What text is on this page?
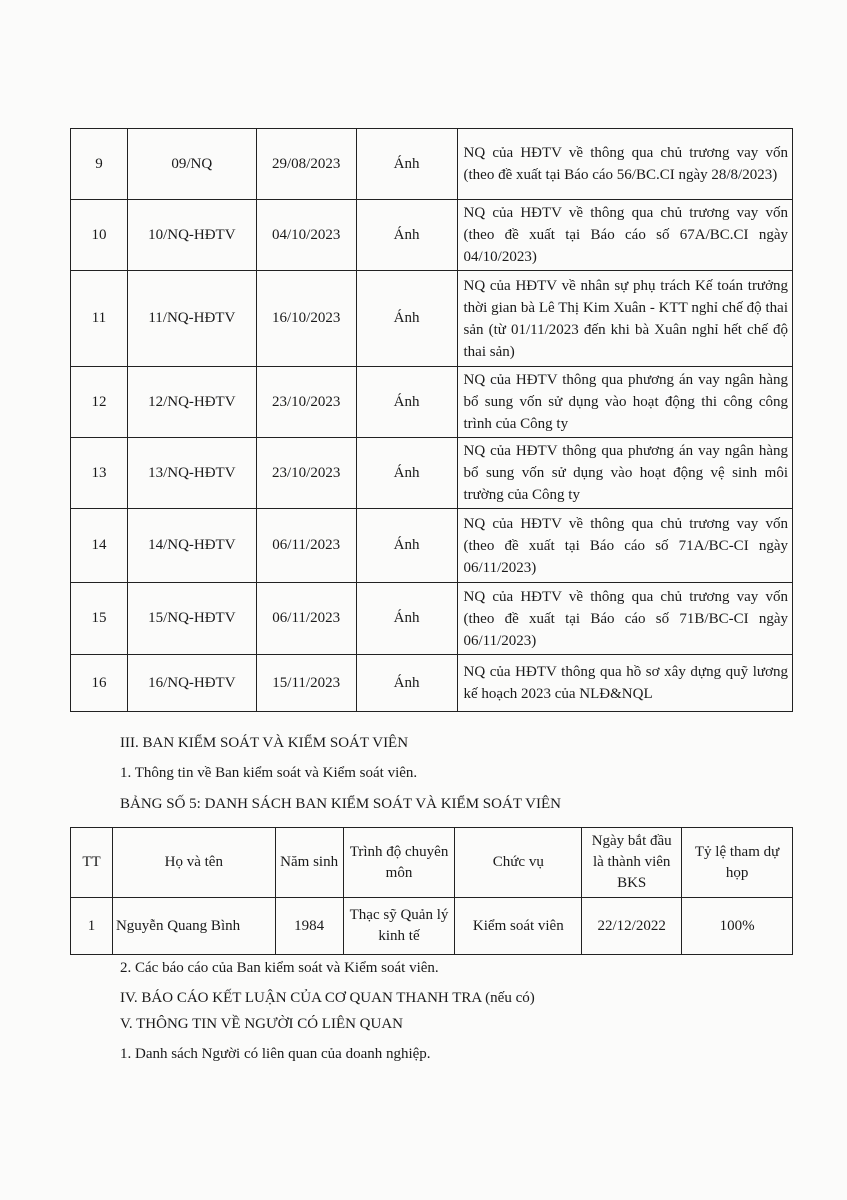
9	09/NQ	29/08/2023	Ánh	NQ của HĐTV về thông qua chủ trương vay vốn (theo đề xuất tại Báo cáo 56/BC.CI ngày 28/8/2023)
10	10/NQ-HĐTV	04/10/2023	Ánh	NQ của HĐTV về thông qua chủ trương vay vốn (theo đề xuất tại Báo cáo số 67A/BC.CI ngày 04/10/2023)
11	11/NQ-HĐTV	16/10/2023	Ánh	NQ của HĐTV về nhân sự phụ trách Kế toán trưởng thời gian bà Lê Thị Kim Xuân - KTT nghỉ chế độ thai sản (từ 01/11/2023 đến khi bà Xuân nghỉ hết chế độ thai sản)
12	12/NQ-HĐTV	23/10/2023	Ánh	NQ của HĐTV thông qua phương án vay ngân hàng bổ sung vốn sử dụng vào hoạt động thi công công trình của Công ty
13	13/NQ-HĐTV	23/10/2023	Ánh	NQ của HĐTV thông qua phương án vay ngân hàng bổ sung vốn sử dụng vào hoạt động vệ sinh môi trường của Công ty
14	14/NQ-HĐTV	06/11/2023	Ánh	NQ của HĐTV về thông qua chủ trương vay vốn (theo đề xuất tại Báo cáo số 71A/BC-CI ngày 06/11/2023)
15	15/NQ-HĐTV	06/11/2023	Ánh	NQ của HĐTV về thông qua chủ trương vay vốn (theo đề xuất tại Báo cáo số 71B/BC-CI ngày 06/11/2023)
16	16/NQ-HĐTV	15/11/2023	Ánh	NQ của HĐTV thông qua hồ sơ xây dựng quỹ lương kế hoạch 2023 của NLĐ&NQL
III. BAN KIỂM SOÁT VÀ KIỂM SOÁT VIÊN
1. Thông tin về Ban kiểm soát và Kiểm soát viên.
BẢNG SỐ 5: DANH SÁCH BAN KIỂM SOÁT VÀ KIỂM SOÁT VIÊN
TT	Họ và tên	Năm sinh	Trình độ chuyên môn	Chức vụ	Ngày bắt đầu là thành viên BKS	Tỷ lệ tham dự họp
1	Nguyễn Quang Bình	1984	Thạc sỹ Quản lý kinh tế	Kiểm soát viên	22/12/2022	100%
2. Các báo cáo của Ban kiểm soát và Kiểm soát viên.
IV. BÁO CÁO KẾT LUẬN CỦA CƠ QUAN THANH TRA (nếu có)
V. THÔNG TIN VỀ NGƯỜI CÓ LIÊN QUAN
1. Danh sách Người có liên quan của doanh nghiệp.
